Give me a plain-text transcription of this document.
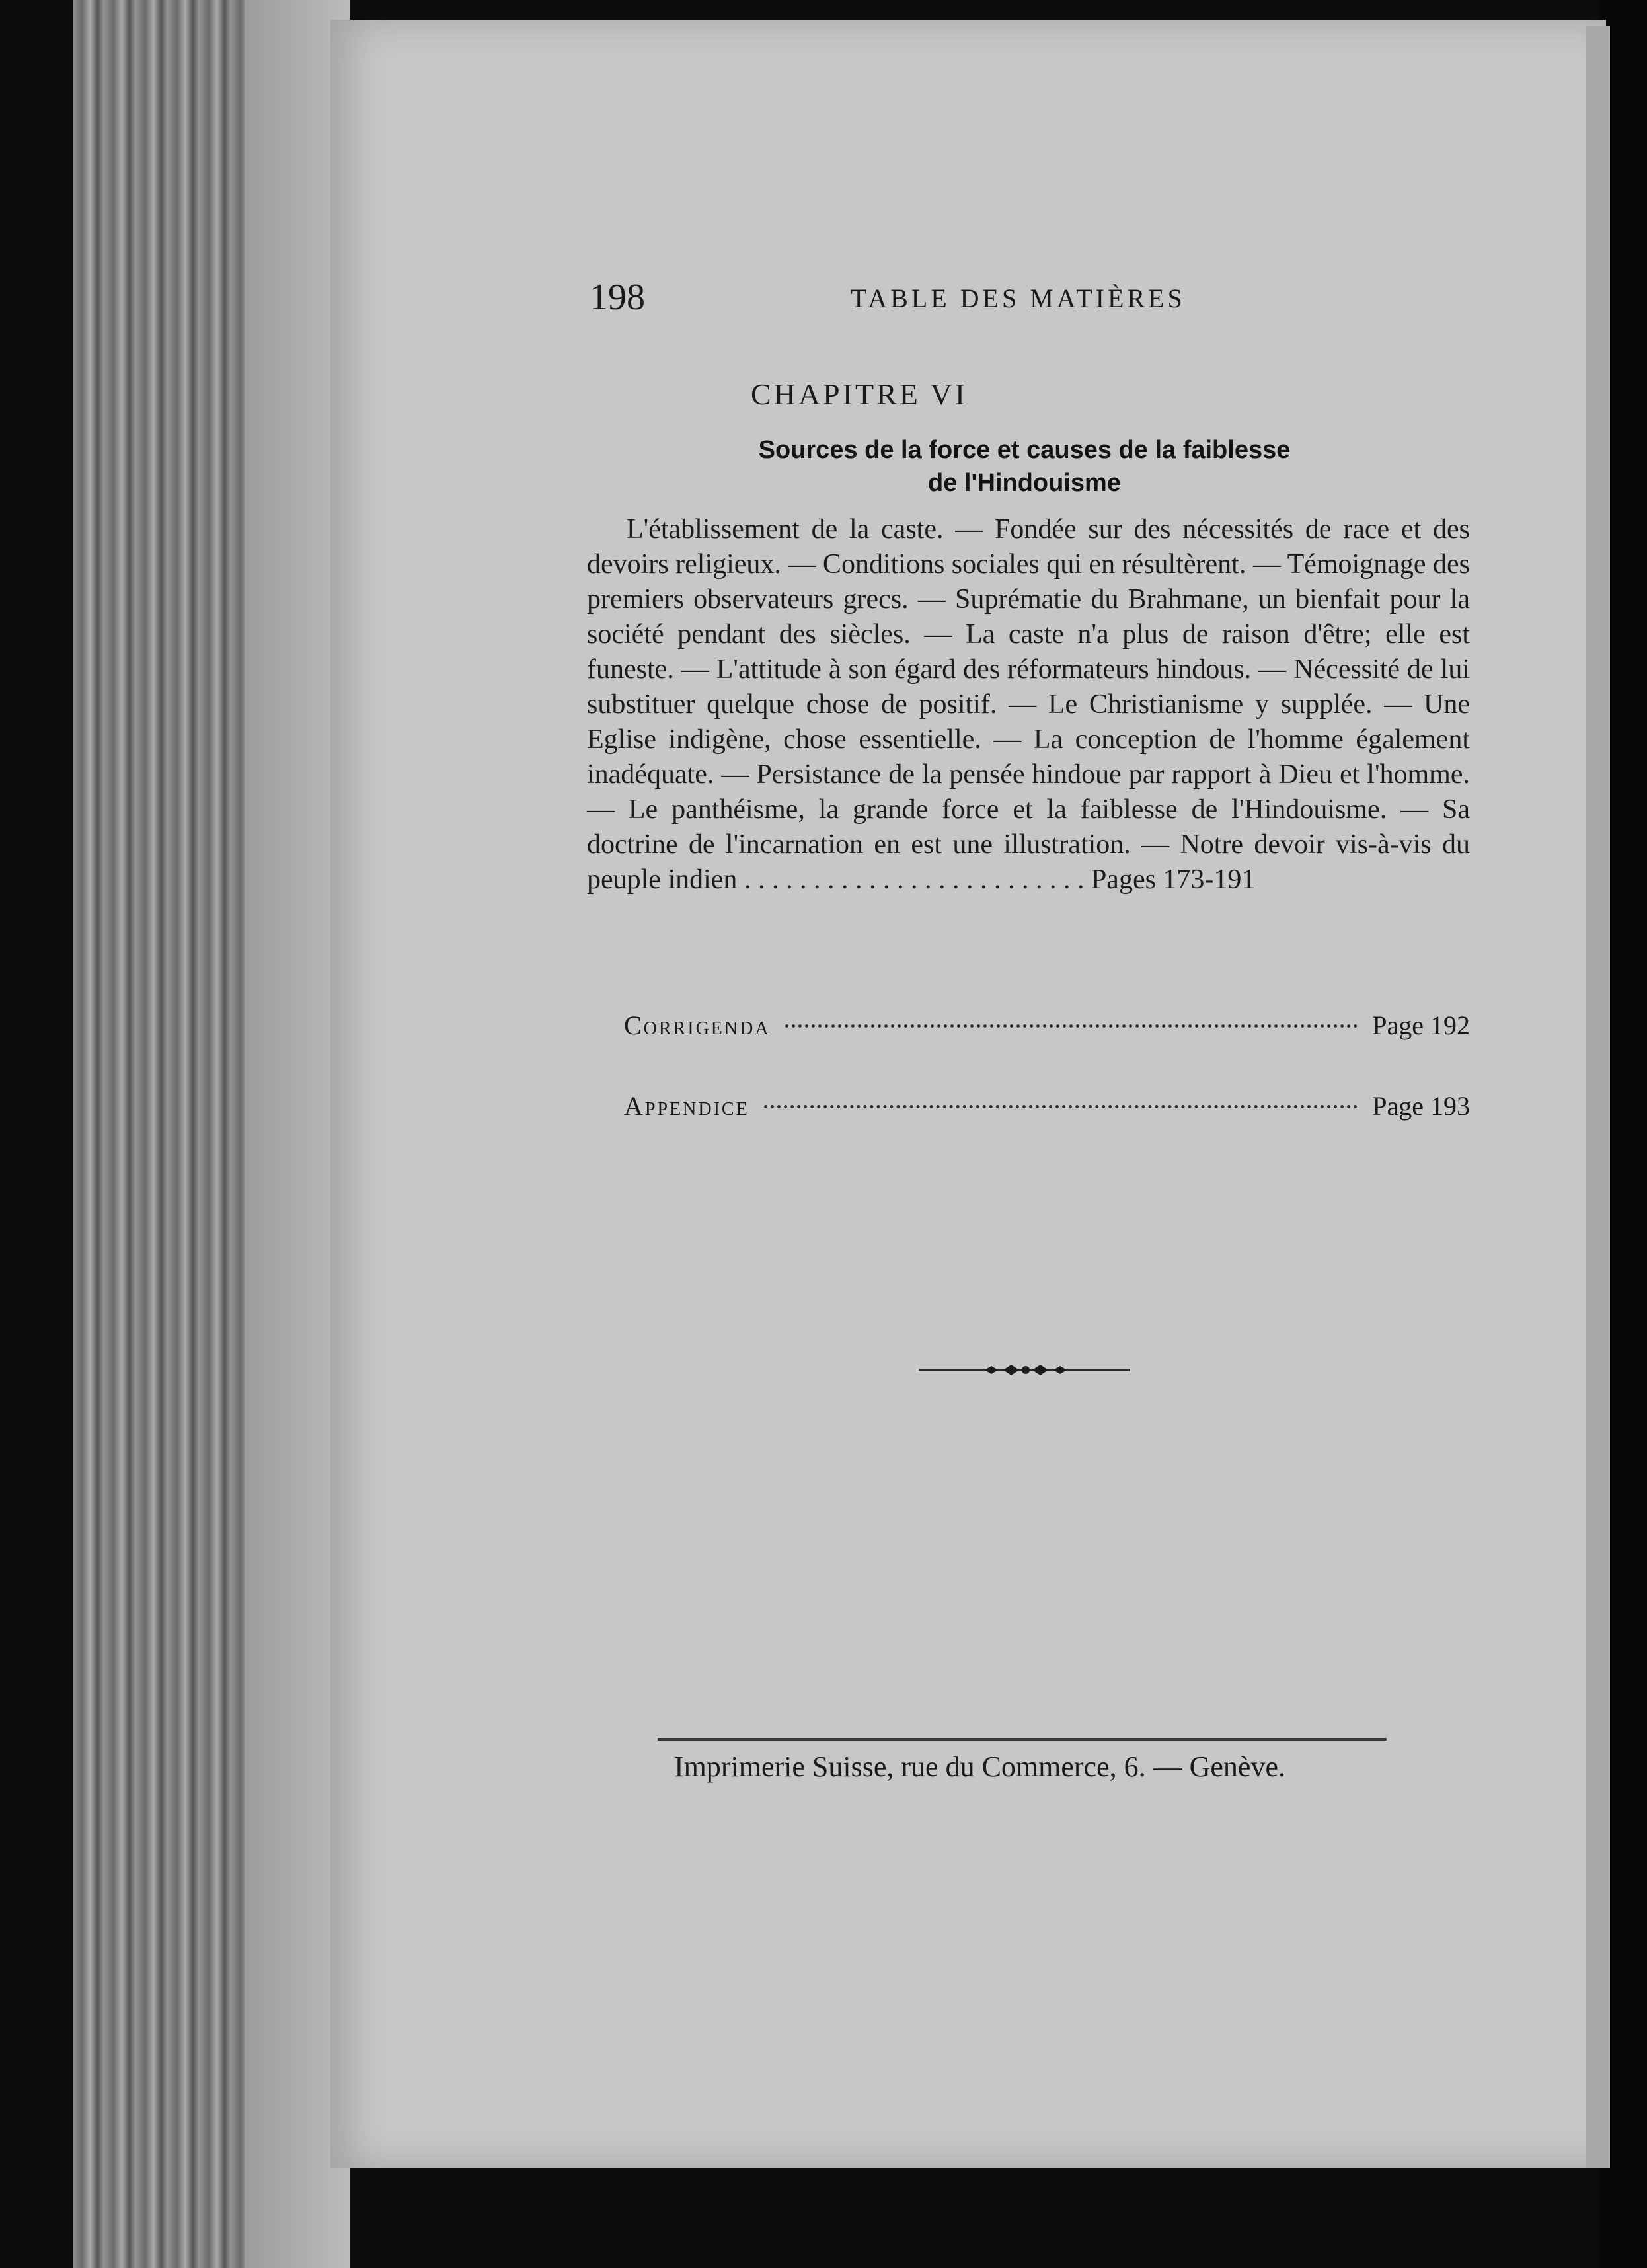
198	TABLE DES MATIÈRES
CHAPITRE VI
Sources de la force et causes de la faiblesse
de l'Hindouisme
L'établissement de la caste. — Fondée sur des nécessités de race et des devoirs religieux. — Conditions sociales qui en résultèrent. — Témoignage des premiers observateurs grecs. — Suprématie du Brahmane, un bienfait pour la société pendant des siècles. — La caste n'a plus de raison d'être; elle est funeste. — L'attitude à son égard des réformateurs hindous. — Nécessité de lui substituer quelque chose de positif. — Le Christianisme y supplée. — Une Eglise indigène, chose essentielle. — La conception de l'homme également inadéquate. — Persistance de la pensée hindoue par rapport à Dieu et l'homme. — Le panthéisme, la grande force et la faiblesse de l'Hindouisme. — Sa doctrine de l'incarnation en est une illustration. — Notre devoir vis-à-vis du peuple indien . . . . . . . . . . . . . . . . . . . . . . . . . Pages 173-191
Corrigenda	Page 192
Appendice	Page 193
Imprimerie Suisse, rue du Commerce, 6. — Genève.
